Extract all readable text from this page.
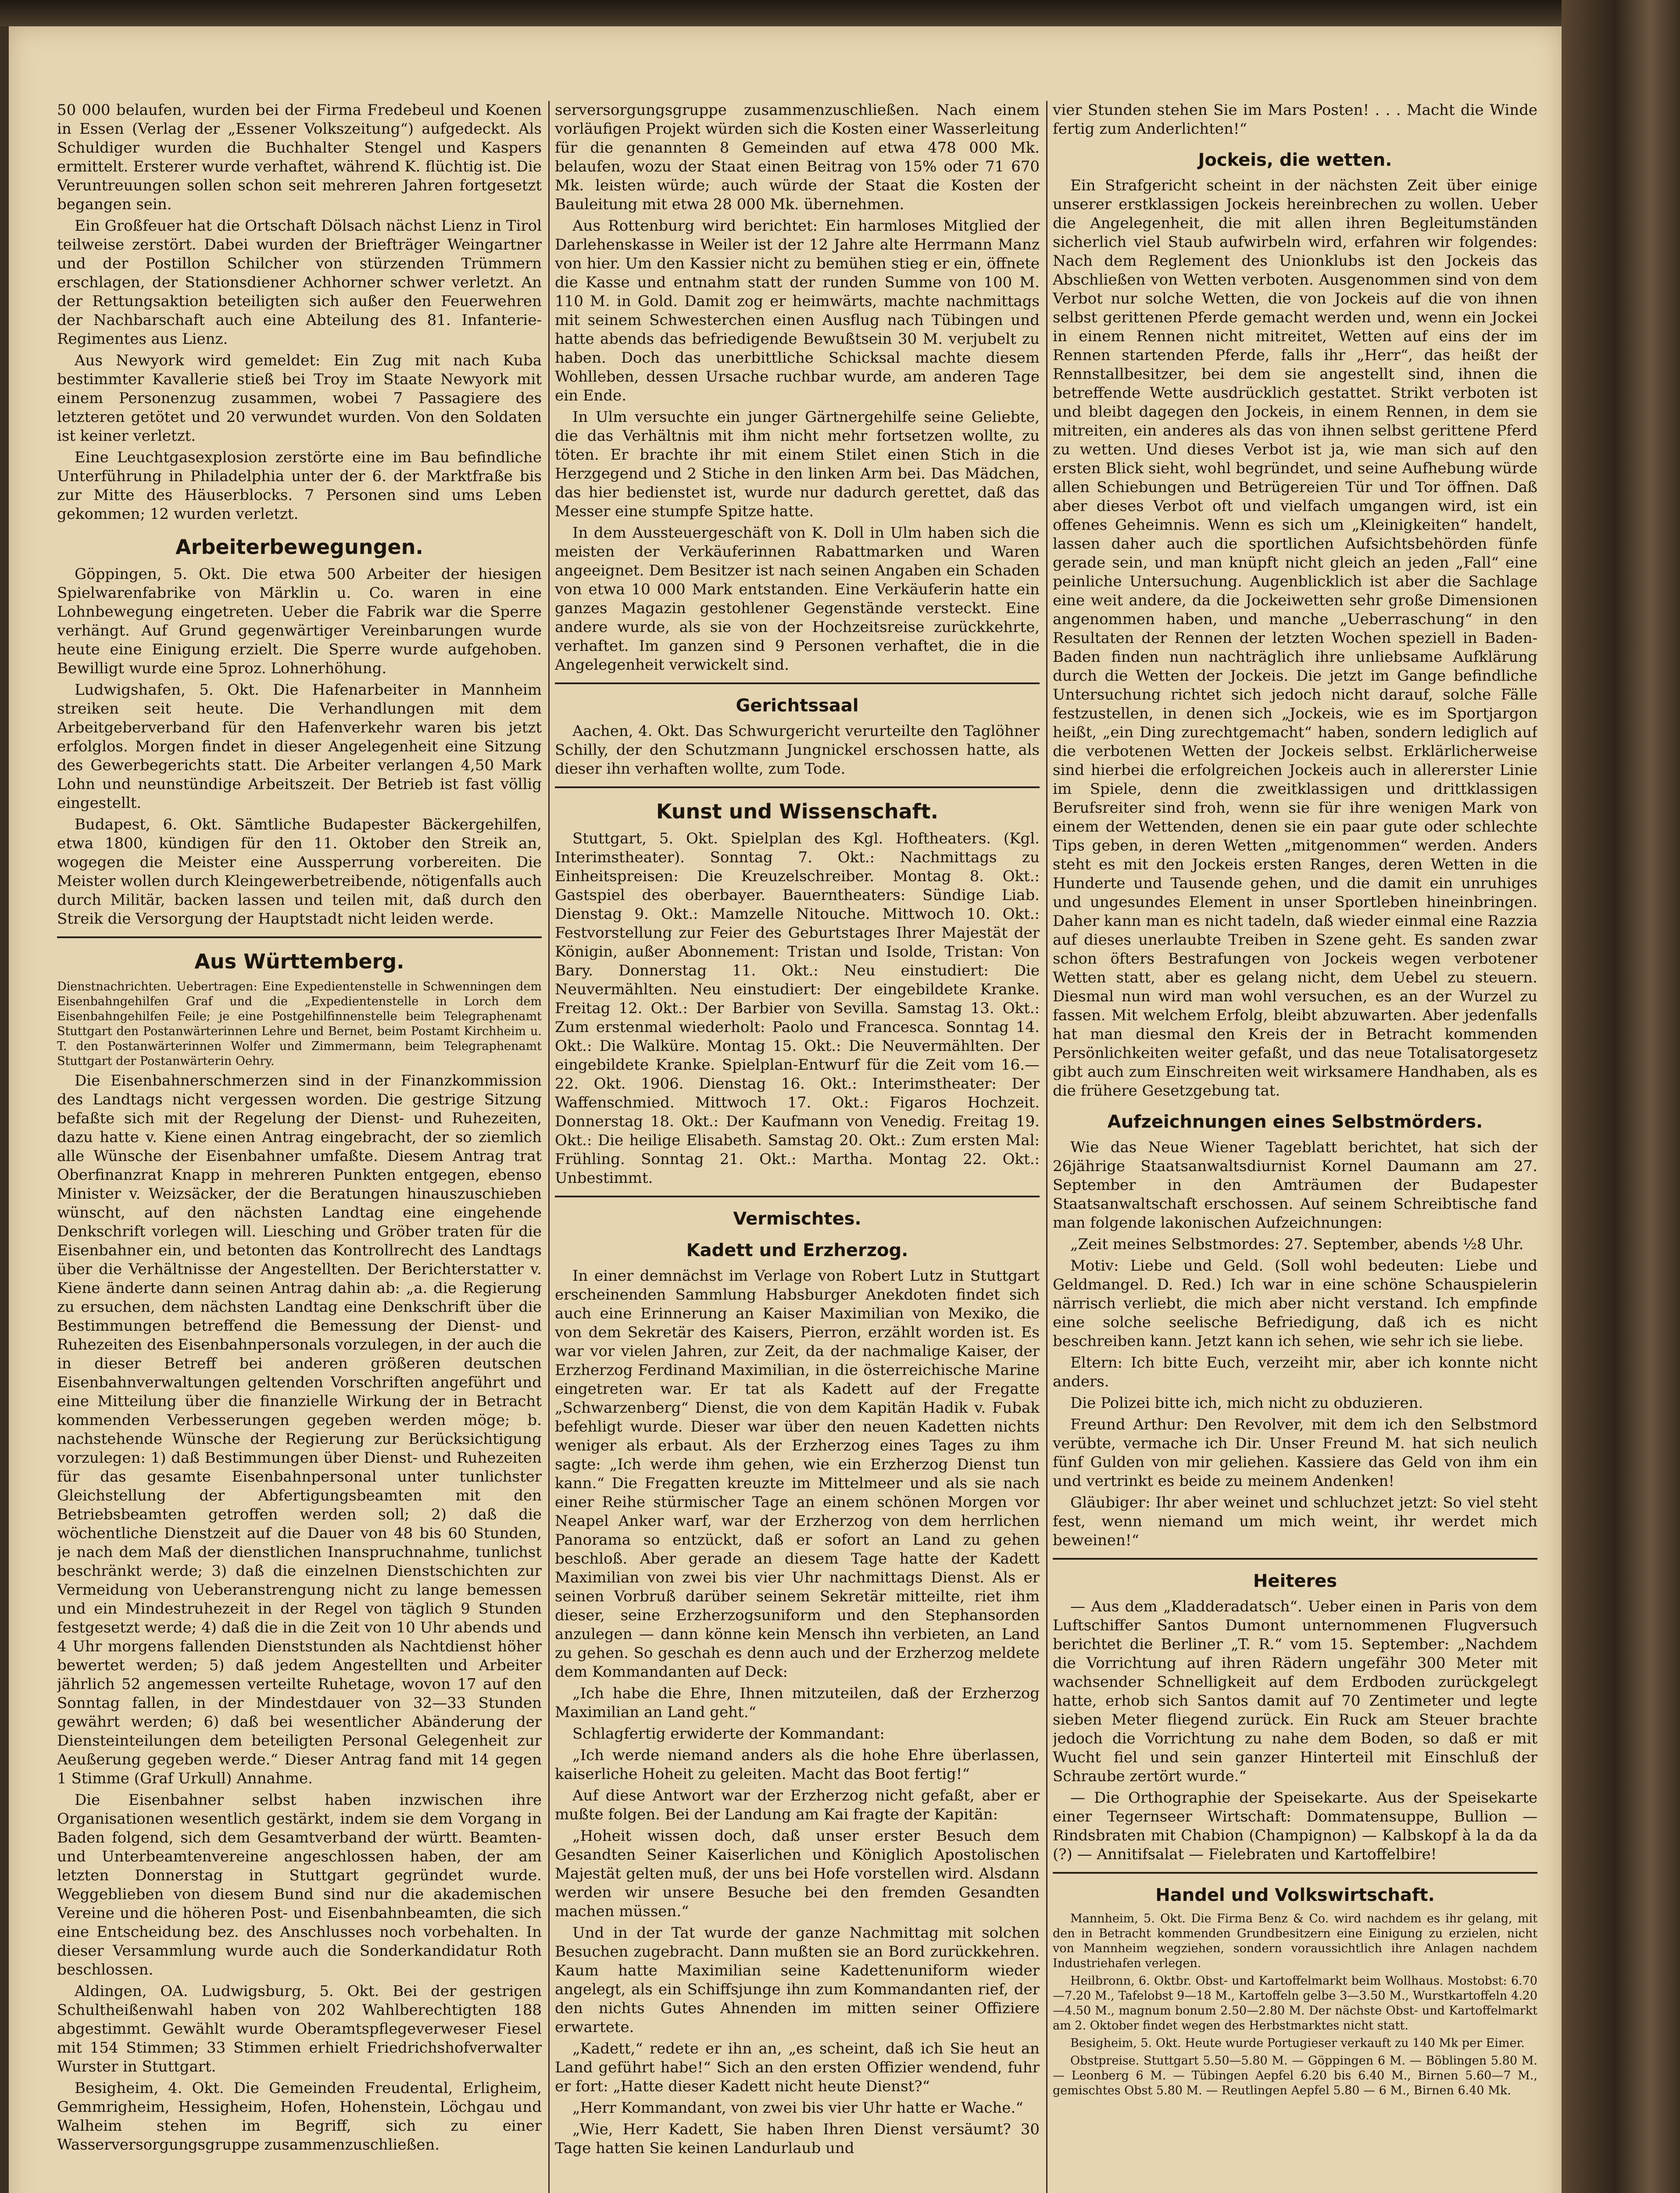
50 000 belaufen, wurden bei der Firma Fredebeul und Koenen in Essen (Verlag der „Essener Volkszeitung“) aufgedeckt. Als Schuldiger wurden die Buchhalter Stengel und Kaspers ermittelt. Ersterer wurde verhaftet, während K. flüchtig ist. Die Veruntreuungen sollen schon seit mehreren Jahren fortgesetzt begangen sein.

Ein Großfeuer hat die Ortschaft Dölsach nächst Lienz in Tirol teilweise zerstört. Dabei wurden der Briefträger Weingartner und der Postillon Schilcher von stürzenden Trümmern erschlagen, der Stationsdiener Achhorner schwer verletzt. An der Rettungsaktion beteiligten sich außer den Feuerwehren der Nachbarschaft auch eine Abteilung des 81. Infanterie-Regimentes aus Lienz.

Aus Newyork wird gemeldet: Ein Zug mit nach Kuba bestimmter Kavallerie stieß bei Troy im Staate Newyork mit einem Personenzug zusammen, wobei 7 Passagiere des letzteren getötet und 20 verwundet wurden. Von den Soldaten ist keiner verletzt.

Eine Leuchtgasexplosion zerstörte eine im Bau befindliche Unterführung in Philadelphia unter der 6. der Marktfraße bis zur Mitte des Häuserblocks. 7 Personen sind ums Leben gekommen; 12 wurden verletzt.

Arbeiterbewegungen.

Göppingen, 5. Okt. Die etwa 500 Arbeiter der hiesigen Spielwarenfabrike von Märklin u. Co. waren in eine Lohnbewegung eingetreten. Ueber die Fabrik war die Sperre verhängt. Auf Grund gegenwärtiger Vereinbarungen wurde heute eine Einigung erzielt. Die Sperre wurde aufgehoben. Bewilligt wurde eine 5proz. Lohnerhöhung.

Ludwigshafen, 5. Okt. Die Hafenarbeiter in Mannheim streiken seit heute. Die Verhandlungen mit dem Arbeitgeberverband für den Hafenverkehr waren bis jetzt erfolglos. Morgen findet in dieser Angelegenheit eine Sitzung des Gewerbegerichts statt. Die Arbeiter verlangen 4,50 Mark Lohn und neunstündige Arbeitszeit. Der Betrieb ist fast völlig eingestellt.

Budapest, 6. Okt. Sämtliche Budapester Bäckergehilfen, etwa 1800, kündigen für den 11. Oktober den Streik an, wogegen die Meister eine Aussperrung vorbereiten. Die Meister wollen durch Kleingewerbetreibende, nötigenfalls auch durch Militär, backen lassen und teilen mit, daß durch den Streik die Versorgung der Hauptstadt nicht leiden werde.

Aus Württemberg.

Dienstnachrichten. Uebertragen: Eine Expedientenstelle in Schwenningen dem Eisenbahngehilfen Graf und die „Expedientenstelle in Lorch dem Eisenbahngehilfen Feile; je eine Postgehilfinnenstelle beim Telegraphenamt Stuttgart den Postanwärterinnen Lehre und Bernet, beim Postamt Kirchheim u. T. den Postanwärterinnen Wolfer und Zimmermann, beim Telegraphenamt Stuttgart der Postanwärterin Oehry.

Die Eisenbahnerschmerzen sind in der Finanzkommission des Landtags nicht vergessen worden. Die gestrige Sitzung befaßte sich mit der Regelung der Dienst- und Ruhezeiten, dazu hatte v. Kiene einen Antrag eingebracht, der so ziemlich alle Wünsche der Eisenbahner umfaßte. Diesem Antrag trat Oberfinanzrat Knapp in mehreren Punkten entgegen, ebenso Minister v. Weizsäcker, der die Beratungen hinauszuschieben wünscht, auf den nächsten Landtag eine eingehende Denkschrift vorlegen will. Liesching und Gröber traten für die Eisenbahner ein, und betonten das Kontrollrecht des Landtags über die Verhältnisse der Angestellten. Der Berichterstatter v. Kiene änderte dann seinen Antrag dahin ab: „a. die Regierung zu ersuchen, dem nächsten Landtag eine Denkschrift über die Bestimmungen betreffend die Bemessung der Dienst- und Ruhezeiten des Eisenbahnpersonals vorzulegen, in der auch die in dieser Betreff bei anderen größeren deutschen Eisenbahnverwaltungen geltenden Vorschriften angeführt und eine Mitteilung über die finanzielle Wirkung der in Betracht kommenden Verbesserungen gegeben werden möge; b. nachstehende Wünsche der Regierung zur Berücksichtigung vorzulegen: 1) daß Bestimmungen über Dienst- und Ruhezeiten für das gesamte Eisenbahnpersonal unter tunlichster Gleichstellung der Abfertigungsbeamten mit den Betriebsbeamten getroffen werden soll; 2) daß die wöchentliche Dienstzeit auf die Dauer von 48 bis 60 Stunden, je nach dem Maß der dienstlichen Inanspruchnahme, tunlichst beschränkt werde; 3) daß die einzelnen Dienstschichten zur Vermeidung von Ueberanstrengung nicht zu lange bemessen und ein Mindestruhezeit in der Regel von täglich 9 Stunden festgesetzt werde; 4) daß die in die Zeit von 10 Uhr abends und 4 Uhr morgens fallenden Dienststunden als Nachtdienst höher bewertet werden; 5) daß jedem Angestellten und Arbeiter jährlich 52 angemessen verteilte Ruhetage, wovon 17 auf den Sonntag fallen, in der Mindestdauer von 32—33 Stunden gewährt werden; 6) daß bei wesentlicher Abänderung der Diensteinteilungen dem beteiligten Personal Gelegenheit zur Aeußerung gegeben werde.“ Dieser Antrag fand mit 14 gegen 1 Stimme (Graf Urkull) Annahme.

Die Eisenbahner selbst haben inzwischen ihre Organisationen wesentlich gestärkt, indem sie dem Vorgang in Baden folgend, sich dem Gesamtverband der württ. Beamten- und Unterbeamtenvereine angeschlossen haben, der am letzten Donnerstag in Stuttgart gegründet wurde. Weggeblieben von diesem Bund sind nur die akademischen Vereine und die höheren Post- und Eisenbahnbeamten, die sich eine Entscheidung bez. des Anschlusses noch vorbehalten. In dieser Versammlung wurde auch die Sonderkandidatur Roth beschlossen.

Aldingen, OA. Ludwigsburg, 5. Okt. Bei der gestrigen Schultheißenwahl haben von 202 Wahlberechtigten 188 abgestimmt. Gewählt wurde Oberamtspflegeverweser Fiesel mit 154 Stimmen; 33 Stimmen erhielt Friedrichshofverwalter Wurster in Stuttgart.

Besigheim, 4. Okt. Die Gemeinden Freudental, Erligheim, Gemmrigheim, Hessigheim, Hofen, Hohenstein, Löchgau und Walheim stehen im Begriff, sich zu einer Wasserversorgungsgruppe zusammenzuschließen.

serversorgungsgruppe zusammenzuschließen. Nach einem vorläufigen Projekt würden sich die Kosten einer Wasserleitung für die genannten 8 Gemeinden auf etwa 478 000 Mk. belaufen, wozu der Staat einen Beitrag von 15% oder 71 670 Mk. leisten würde; auch würde der Staat die Kosten der Bauleitung mit etwa 28 000 Mk. übernehmen.

Aus Rottenburg wird berichtet: Ein harmloses Mitglied der Darlehenskasse in Weiler ist der 12 Jahre alte Herrmann Manz von hier. Um den Kassier nicht zu bemühen stieg er ein, öffnete die Kasse und entnahm statt der runden Summe von 100 M. 110 M. in Gold. Damit zog er heimwärts, machte nachmittags mit seinem Schwesterchen einen Ausflug nach Tübingen und hatte abends das befriedigende Bewußtsein 30 M. verjubelt zu haben. Doch das unerbittliche Schicksal machte diesem Wohlleben, dessen Ursache ruchbar wurde, am anderen Tage ein Ende.

In Ulm versuchte ein junger Gärtnergehilfe seine Geliebte, die das Verhältnis mit ihm nicht mehr fortsetzen wollte, zu töten. Er brachte ihr mit einem Stilet einen Stich in die Herzgegend und 2 Stiche in den linken Arm bei. Das Mädchen, das hier bedienstet ist, wurde nur dadurch gerettet, daß das Messer eine stumpfe Spitze hatte.

In dem Aussteuergeschäft von K. Doll in Ulm haben sich die meisten der Verkäuferinnen Rabattmarken und Waren angeeignet. Dem Besitzer ist nach seinen Angaben ein Schaden von etwa 10 000 Mark entstanden. Eine Verkäuferin hatte ein ganzes Magazin gestohlener Gegenstände versteckt. Eine andere wurde, als sie von der Hochzeitsreise zurückkehrte, verhaftet. Im ganzen sind 9 Personen verhaftet, die in die Angelegenheit verwickelt sind.

Gerichtssaal

Aachen, 4. Okt. Das Schwurgericht verurteilte den Taglöhner Schilly, der den Schutzmann Jungnickel erschossen hatte, als dieser ihn verhaften wollte, zum Tode.

Kunst und Wissenschaft.

Stuttgart, 5. Okt. Spielplan des Kgl. Hoftheaters. (Kgl. Interimstheater). Sonntag 7. Okt.: Nachmittags zu Einheitspreisen: Die Kreuzelschreiber. Montag 8. Okt.: Gastspiel des oberbayer. Bauerntheaters: Sündige Liab. Dienstag 9. Okt.: Mamzelle Nitouche. Mittwoch 10. Okt.: Festvorstellung zur Feier des Geburtstages Ihrer Majestät der Königin, außer Abonnement: Tristan und Isolde, Tristan: Von Bary. Donnerstag 11. Okt.: Neu einstudiert: Die Neuvermählten. Neu einstudiert: Der eingebildete Kranke. Freitag 12. Okt.: Der Barbier von Sevilla. Samstag 13. Okt.: Zum erstenmal wiederholt: Paolo und Francesca. Sonntag 14. Okt.: Die Walküre. Montag 15. Okt.: Die Neuvermählten. Der eingebildete Kranke. Spielplan-Entwurf für die Zeit vom 16.—22. Okt. 1906. Dienstag 16. Okt.: Interimstheater: Der Waffenschmied. Mittwoch 17. Okt.: Figaros Hochzeit. Donnerstag 18. Okt.: Der Kaufmann von Venedig. Freitag 19. Okt.: Die heilige Elisabeth. Samstag 20. Okt.: Zum ersten Mal: Frühling. Sonntag 21. Okt.: Martha. Montag 22. Okt.: Unbestimmt.

Vermischtes.
Kadett und Erzherzog.

In einer demnächst im Verlage von Robert Lutz in Stuttgart erscheinenden Sammlung Habsburger Anekdoten findet sich auch eine Erinnerung an Kaiser Maximilian von Mexiko, die von dem Sekretär des Kaisers, Pierron, erzählt worden ist. Es war vor vielen Jahren, zur Zeit, da der nachmalige Kaiser, der Erzherzog Ferdinand Maximilian, in die österreichische Marine eingetreten war. Er tat als Kadett auf der Fregatte „Schwarzenberg“ Dienst, die von dem Kapitän Hadik v. Fubak befehligt wurde. Dieser war über den neuen Kadetten nichts weniger als erbaut. Als der Erzherzog eines Tages zu ihm sagte: „Ich werde ihm gehen, wie ein Erzherzog Dienst tun kann.“ Die Fregatten kreuzte im Mittelmeer und als sie nach einer Reihe stürmischer Tage an einem schönen Morgen vor Neapel Anker warf, war der Erzherzog von dem herrlichen Panorama so entzückt, daß er sofort an Land zu gehen beschloß. Aber gerade an diesem Tage hatte der Kadett Maximilian von zwei bis vier Uhr nachmittags Dienst. Als er seinen Vorbruß darüber seinem Sekretär mitteilte, riet ihm dieser, seine Erzherzogsuniform und den Stephansorden anzulegen — dann könne kein Mensch ihn verbieten, an Land zu gehen. So geschah es denn auch und der Erzherzog meldete dem Kommandanten auf Deck:

„Ich habe die Ehre, Ihnen mitzuteilen, daß der Erzherzog Maximilian an Land geht.“

Schlagfertig erwiderte der Kommandant:

„Ich werde niemand anders als die hohe Ehre überlassen, kaiserliche Hoheit zu geleiten. Macht das Boot fertig!“

Auf diese Antwort war der Erzherzog nicht gefaßt, aber er mußte folgen. Bei der Landung am Kai fragte der Kapitän:

„Hoheit wissen doch, daß unser erster Besuch dem Gesandten Seiner Kaiserlichen und Königlich Apostolischen Majestät gelten muß, der uns bei Hofe vorstellen wird. Alsdann werden wir unsere Besuche bei den fremden Gesandten machen müssen.“

Und in der Tat wurde der ganze Nachmittag mit solchen Besuchen zugebracht. Dann mußten sie an Bord zurückkehren. Kaum hatte Maximilian seine Kadettenuniform wieder angelegt, als ein Schiffsjunge ihn zum Kommandanten rief, der den nichts Gutes Ahnenden im mitten seiner Offiziere erwartete.

„Kadett,“ redete er ihn an, „es scheint, daß ich Sie heut an Land geführt habe!“ Sich an den ersten Offizier wendend, fuhr er fort: „Hatte dieser Kadett nicht heute Dienst?“

„Herr Kommandant, von zwei bis vier Uhr hatte er Wache.“

„Wie, Herr Kadett, Sie haben Ihren Dienst versäumt? 30 Tage hatten Sie keinen Landurlaub und

vier Stunden stehen Sie im Mars Posten! . . . Macht die Winde fertig zum Anderlichten!“

Jockeis, die wetten.

Ein Strafgericht scheint in der nächsten Zeit über einige unserer erstklassigen Jockeis hereinbrechen zu wollen. Ueber die Angelegenheit, die mit allen ihren Begleitumständen sicherlich viel Staub aufwirbeln wird, erfahren wir folgendes: Nach dem Reglement des Unionklubs ist den Jockeis das Abschließen von Wetten verboten. Ausgenommen sind von dem Verbot nur solche Wetten, die von Jockeis auf die von ihnen selbst gerittenen Pferde gemacht werden und, wenn ein Jockei in einem Rennen nicht mitreitet, Wetten auf eins der im Rennen startenden Pferde, falls ihr „Herr“, das heißt der Rennstallbesitzer, bei dem sie angestellt sind, ihnen die betreffende Wette ausdrücklich gestattet. Strikt verboten ist und bleibt dagegen den Jockeis, in einem Rennen, in dem sie mitreiten, ein anderes als das von ihnen selbst gerittene Pferd zu wetten. Und dieses Verbot ist ja, wie man sich auf den ersten Blick sieht, wohl begründet, und seine Aufhebung würde allen Schiebungen und Betrügereien Tür und Tor öffnen. Daß aber dieses Verbot oft und vielfach umgangen wird, ist ein offenes Geheimnis. Wenn es sich um „Kleinigkeiten“ handelt, lassen daher auch die sportlichen Aufsichtsbehörden fünfe gerade sein, und man knüpft nicht gleich an jeden „Fall“ eine peinliche Untersuchung. Augenblicklich ist aber die Sachlage eine weit andere, da die Jockeiwetten sehr große Dimensionen angenommen haben, und manche „Ueberraschung“ in den Resultaten der Rennen der letzten Wochen speziell in Baden-Baden finden nun nachträglich ihre unliebsame Aufklärung durch die Wetten der Jockeis. Die jetzt im Gange befindliche Untersuchung richtet sich jedoch nicht darauf, solche Fälle festzustellen, in denen sich „Jockeis, wie es im Sportjargon heißt, „ein Ding zurechtgemacht“ haben, sondern lediglich auf die verbotenen Wetten der Jockeis selbst. Erklärlicherweise sind hierbei die erfolgreichen Jockeis auch in allererster Linie im Spiele, denn die zweitklassigen und drittklassigen Berufsreiter sind froh, wenn sie für ihre wenigen Mark von einem der Wettenden, denen sie ein paar gute oder schlechte Tips geben, in deren Wetten „mitgenommen“ werden. Anders steht es mit den Jockeis ersten Ranges, deren Wetten in die Hunderte und Tausende gehen, und die damit ein unruhiges und ungesundes Element in unser Sportleben hineinbringen. Daher kann man es nicht tadeln, daß wieder einmal eine Razzia auf dieses unerlaubte Treiben in Szene geht. Es sanden zwar schon öfters Bestrafungen von Jockeis wegen verbotener Wetten statt, aber es gelang nicht, dem Uebel zu steuern. Diesmal nun wird man wohl versuchen, es an der Wurzel zu fassen. Mit welchem Erfolg, bleibt abzuwarten. Aber jedenfalls hat man diesmal den Kreis der in Betracht kommenden Persönlichkeiten weiter gefaßt, und das neue Totalisatorgesetz gibt auch zum Einschreiten weit wirksamere Handhaben, als es die frühere Gesetzgebung tat.

Aufzeichnungen eines Selbstmörders.

Wie das Neue Wiener Tageblatt berichtet, hat sich der 26jährige Staatsanwaltsdiurnist Kornel Daumann am 27. September in den Amträumen der Budapester Staatsanwaltschaft erschossen. Auf seinem Schreibtische fand man folgende lakonischen Aufzeichnungen:

„Zeit meines Selbstmordes: 27. September, abends ½8 Uhr.

Motiv: Liebe und Geld. (Soll wohl bedeuten: Liebe und Geldmangel. D. Red.) Ich war in eine schöne Schauspielerin närrisch verliebt, die mich aber nicht verstand. Ich empfinde eine solche seelische Befriedigung, daß ich es nicht beschreiben kann. Jetzt kann ich sehen, wie sehr ich sie liebe.

Eltern: Ich bitte Euch, verzeiht mir, aber ich konnte nicht anders.

Die Polizei bitte ich, mich nicht zu obduzieren.

Freund Arthur: Den Revolver, mit dem ich den Selbstmord verübte, vermache ich Dir. Unser Freund M. hat sich neulich fünf Gulden von mir geliehen. Kassiere das Geld von ihm ein und vertrinkt es beide zu meinem Andenken!

Gläubiger: Ihr aber weinet und schluchzet jetzt: So viel steht fest, wenn niemand um mich weint, ihr werdet mich beweinen!“

Heiteres

— Aus dem „Kladderadatsch“. Ueber einen in Paris von dem Luftschiffer Santos Dumont unternommenen Flugversuch berichtet die Berliner „T. R.“ vom 15. September: „Nachdem die Vorrichtung auf ihren Rädern ungefähr 300 Meter mit wachsender Schnelligkeit auf dem Erdboden zurückgelegt hatte, erhob sich Santos damit auf 70 Zentimeter und legte sieben Meter fliegend zurück. Ein Ruck am Steuer brachte jedoch die Vorrichtung zu nahe dem Boden, so daß er mit Wucht fiel und sein ganzer Hinterteil mit Einschluß der Schraube zertört wurde.“

— Die Orthographie der Speisekarte. Aus der Speisekarte einer Tegernseer Wirtschaft: Dommatensuppe, Bullion — Rindsbraten mit Chabion (Champignon) — Kalbskopf à la da da (?) — Annitifsalat — Fielebraten und Kartoffelbire!

Handel und Volkswirtschaft.

Mannheim, 5. Okt. Die Firma Benz & Co. wird nachdem es ihr gelang, mit den in Betracht kommenden Grundbesitzern eine Einigung zu erzielen, nicht von Mannheim wegziehen, sondern voraussichtlich ihre Anlagen nachdem Industriehafen verlegen.

Heilbronn, 6. Oktbr. Obst- und Kartoffelmarkt beim Wollhaus. Mostobst: 6.70—7.20 M., Tafelobst 9—18 M., Kartoffeln gelbe 3—3.50 M., Wurstkartoffeln 4.20—4.50 M., magnum bonum 2.50—2.80 M. Der nächste Obst- und Kartoffelmarkt am 2. Oktober findet wegen des Herbstmarktes nicht statt.

Besigheim, 5. Okt. Heute wurde Portugieser verkauft zu 140 Mk per Eimer.

Obstpreise. Stuttgart 5.50—5.80 M. — Göppingen 6 M. — Böblingen 5.80 M. — Leonberg 6 M. — Tübingen Aepfel 6.20 bis 6.40 M., Birnen 5.60—7 M., gemischtes Obst 5.80 M. — Reutlingen Aepfel 5.80 — 6 M., Birnen 6.40 Mk.
